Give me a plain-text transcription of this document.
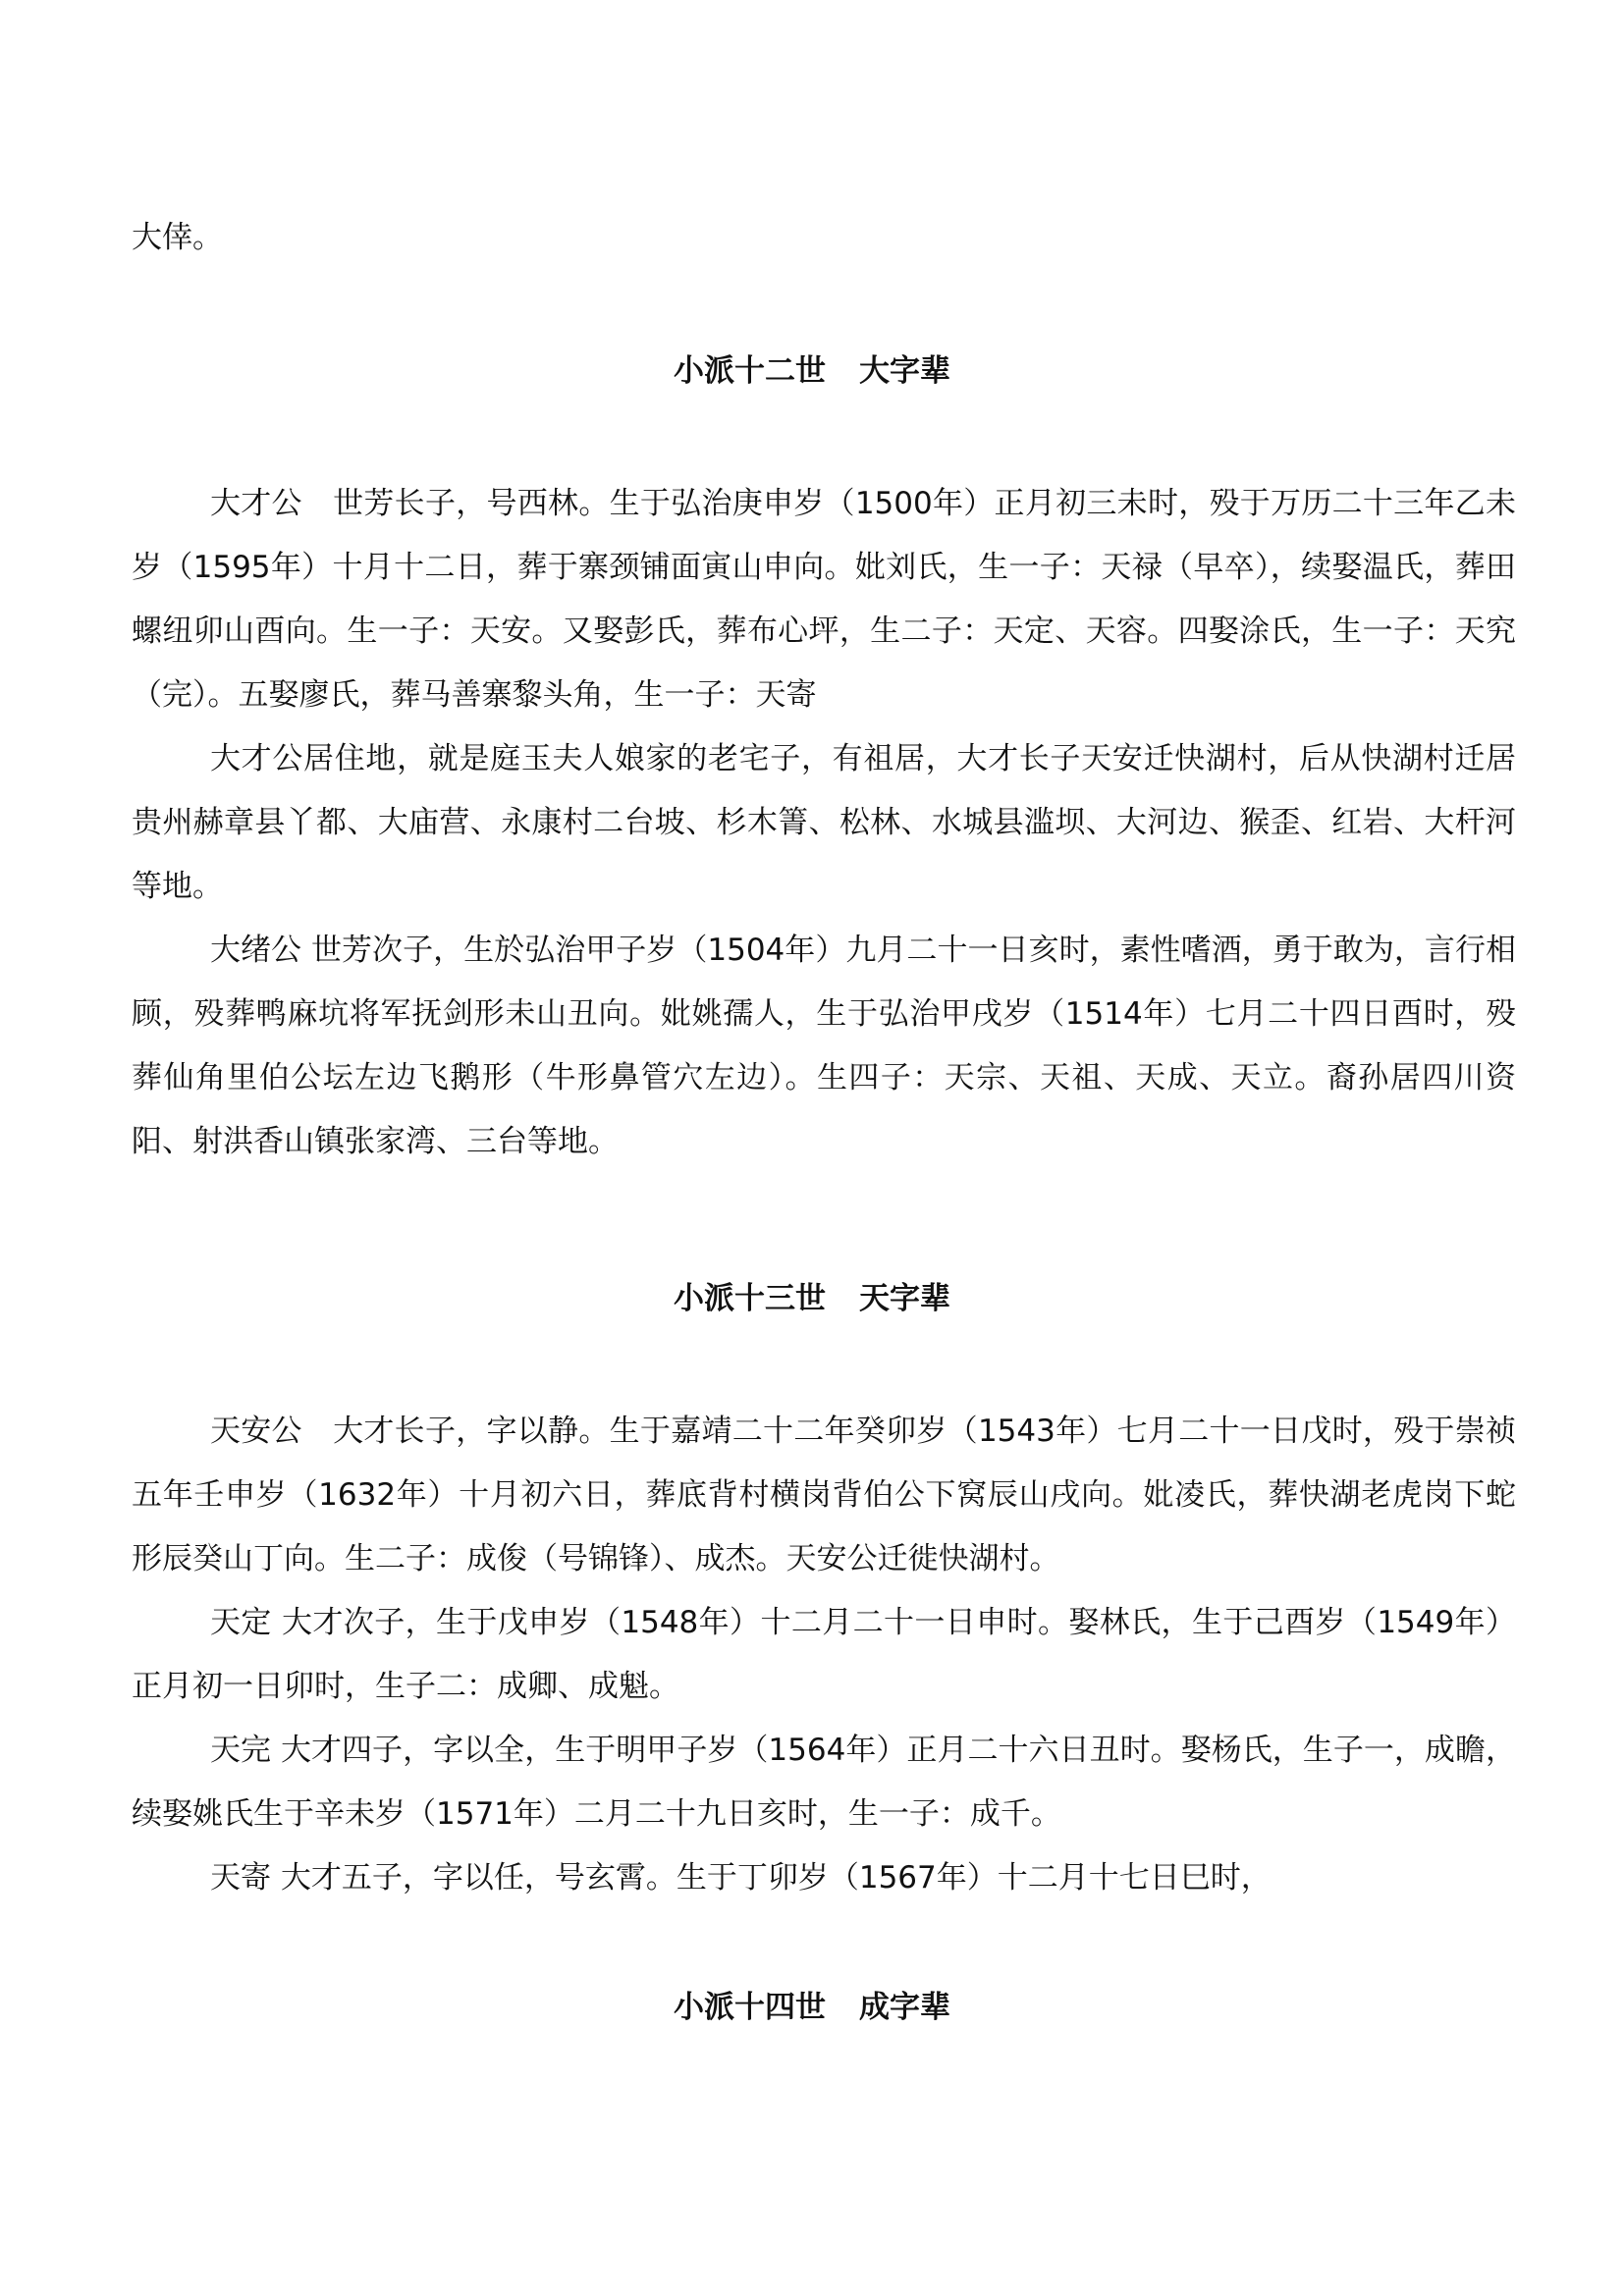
大倖。

小派十二世 大字辈

大才公　世芳长子，号西林。生于弘治庚申岁（1500年）正月初三未时，殁于万历二十三年乙未岁（1595年）十月十二日，葬于寨颈铺面寅山申向。妣刘氏，生一子：天禄（早卒），续娶温氏，葬田螺纽卯山酉向。生一子：天安。又娶彭氏，葬布心坪，生二子：天定、天容。四娶涂氏，生一子：天究（完）。五娶廖氏，葬马善寨黎头角，生一子：天寄

大才公居住地，就是庭玉夫人娘家的老宅子，有祖居，大才长子天安迁快湖村，后从快湖村迁居贵州赫章县丫都、大庙营、永康村二台坡、杉木箐、松林、水城县滥坝、大河边、猴歪、红岩、大杆河等地。

大绪公 世芳次子，生於弘治甲子岁（1504年）九月二十一日亥时，素性嗜酒，勇于敢为，言行相顾，殁葬鸭麻坑将军抚剑形未山丑向。妣姚孺人，生于弘治甲戌岁（1514年）七月二十四日酉时，殁葬仙角里伯公坛左边飞鹅形（牛形鼻管穴左边）。生四子：天宗、天祖、天成、天立。裔孙居四川资阳、射洪香山镇张家湾、三台等地。

小派十三世 天字辈

天安公　大才长子，字以静。生于嘉靖二十二年癸卯岁（1543年）七月二十一日戊时，殁于崇祯五年壬申岁（1632年）十月初六日，葬底背村横岗背伯公下窝辰山戌向。妣凌氏，葬快湖老虎岗下蛇形辰癸山丁向。生二子：成俊（号锦锋）、成杰。天安公迁徙快湖村。

天定 大才次子，生于戊申岁（1548年）十二月二十一日申时。娶林氏，生于己酉岁（1549年）正月初一日卯时，生子二：成卿、成魁。

天完 大才四子，字以全，生于明甲子岁（1564年）正月二十六日丑时。娶杨氏，生子一，成瞻，续娶姚氏生于辛未岁（1571年）二月二十九日亥时，生一子：成千。

天寄 大才五子，字以任，号玄霄。生于丁卯岁（1567年）十二月十七日巳时，

小派十四世 成字辈
